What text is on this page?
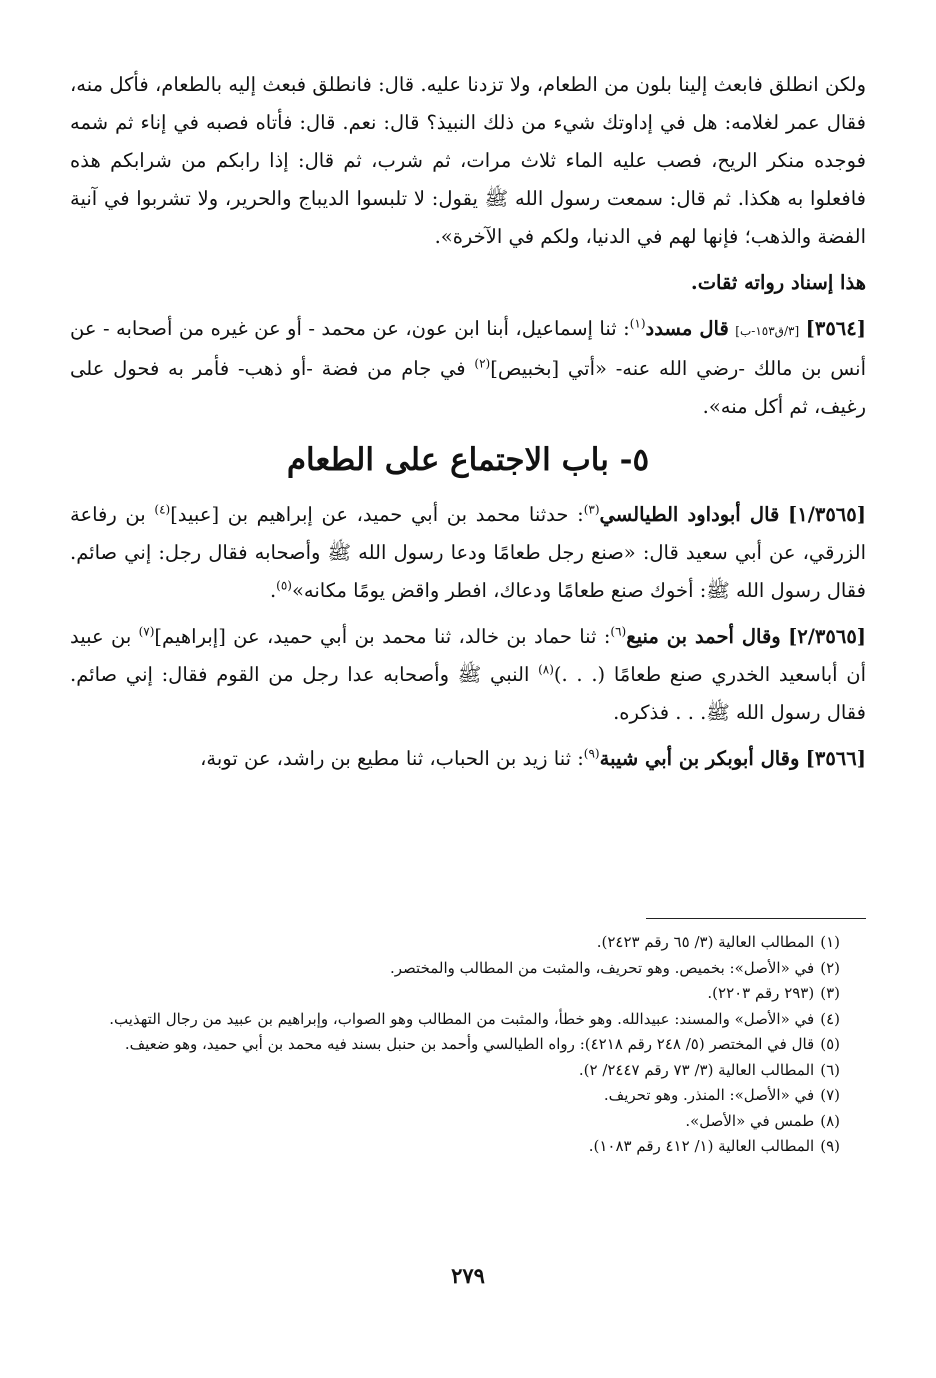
ولكن انطلق فابعث إلينا بلون من الطعام، ولا تزدنا عليه. قال: فانطلق فبعث إليه بالطعام، فأكل منه، فقال عمر لغلامه: هل في إداوتك شيء من ذلك النبيذ؟ قال: نعم. قال: فأتاه فصبه في إناء ثم شمه فوجده منكر الريح، فصب عليه الماء ثلاث مرات، ثم شرب، ثم قال: إذا رابكم من شرابكم هذه فافعلوا به هكذا. ثم قال: سمعت رسول الله ﷺ يقول: لا تلبسوا الديباج والحرير، ولا تشربوا في آنية الفضة والذهب؛ فإنها لهم في الدنيا، ولكم في الآخرة».

هذا إسناد رواته ثقات.

[٣٥٦٤] [٣/ق١٥٣-ب] قال مسدد$^{(١)}$: ثنا إسماعيل، أبنا ابن عون، عن محمد - أو عن غيره من أصحابه - عن أنس بن مالك -رضي الله عنه- «أتي [بخبيص]$^{(٢)}$ في جام من فضة -أو ذهب- فأمر به فحول على رغيف، ثم أكل منه».

٥- باب الاجتماع على الطعام

[١/٣٥٦٥] قال أبوداود الطيالسي$^{(٣)}$: حدثنا محمد بن أبي حميد، عن إبراهيم بن [عبيد]$^{(٤)}$ بن رفاعة الزرقي، عن أبي سعيد قال: «صنع رجل طعامًا ودعا رسول الله ﷺ وأصحابه فقال رجل: إني صائم. فقال رسول الله ﷺ: أخوك صنع طعامًا ودعاك، افطر واقض يومًا مكانه»$^{(٥)}$.

[٢/٣٥٦٥] وقال أحمد بن منيع$^{(٦)}$: ثنا حماد بن خالد، ثنا محمد بن أبي حميد، عن [إبراهيم]$^{(٧)}$ بن عبيد أن أباسعيد الخدري صنع طعامًا (. . .)$^{(٨)}$ النبي ﷺ وأصحابه عدا رجل من القوم فقال: إني صائم. فقال رسول الله ﷺ. . . فذكره.

[٣٥٦٦] وقال أبوبكر بن أبي شيبة$^{(٩)}$: ثنا زيد بن الحباب، ثنا مطيع بن راشد، عن توبة،

(١)
المطالب العالية (٣/ ٦٥ رقم ٢٤٢٣).
(٢)
في «الأصل»: بخميص. وهو تحريف، والمثبت من المطالب والمختصر.
(٣)
(٢٩٣ رقم ٢٢٠٣).
(٤)
في «الأصل» والمسند: عبيدالله. وهو خطأ، والمثبت من المطالب وهو الصواب، وإبراهيم بن عبيد من رجال التهذيب.
(٥)
قال في المختصر (٥/ ٢٤٨ رقم ٤٢١٨): رواه الطيالسي وأحمد بن حنبل بسند فيه محمد بن أبي حميد، وهو ضعيف.
(٦)
المطالب العالية (٣/ ٧٣ رقم ٢٤٤٧/ ٢).
(٧)
في «الأصل»: المنذر. وهو تحريف.
(٨)
طمس في «الأصل».
(٩)
المطالب العالية (١/ ٤١٢ رقم ١٠٨٣).
٢٧٩
